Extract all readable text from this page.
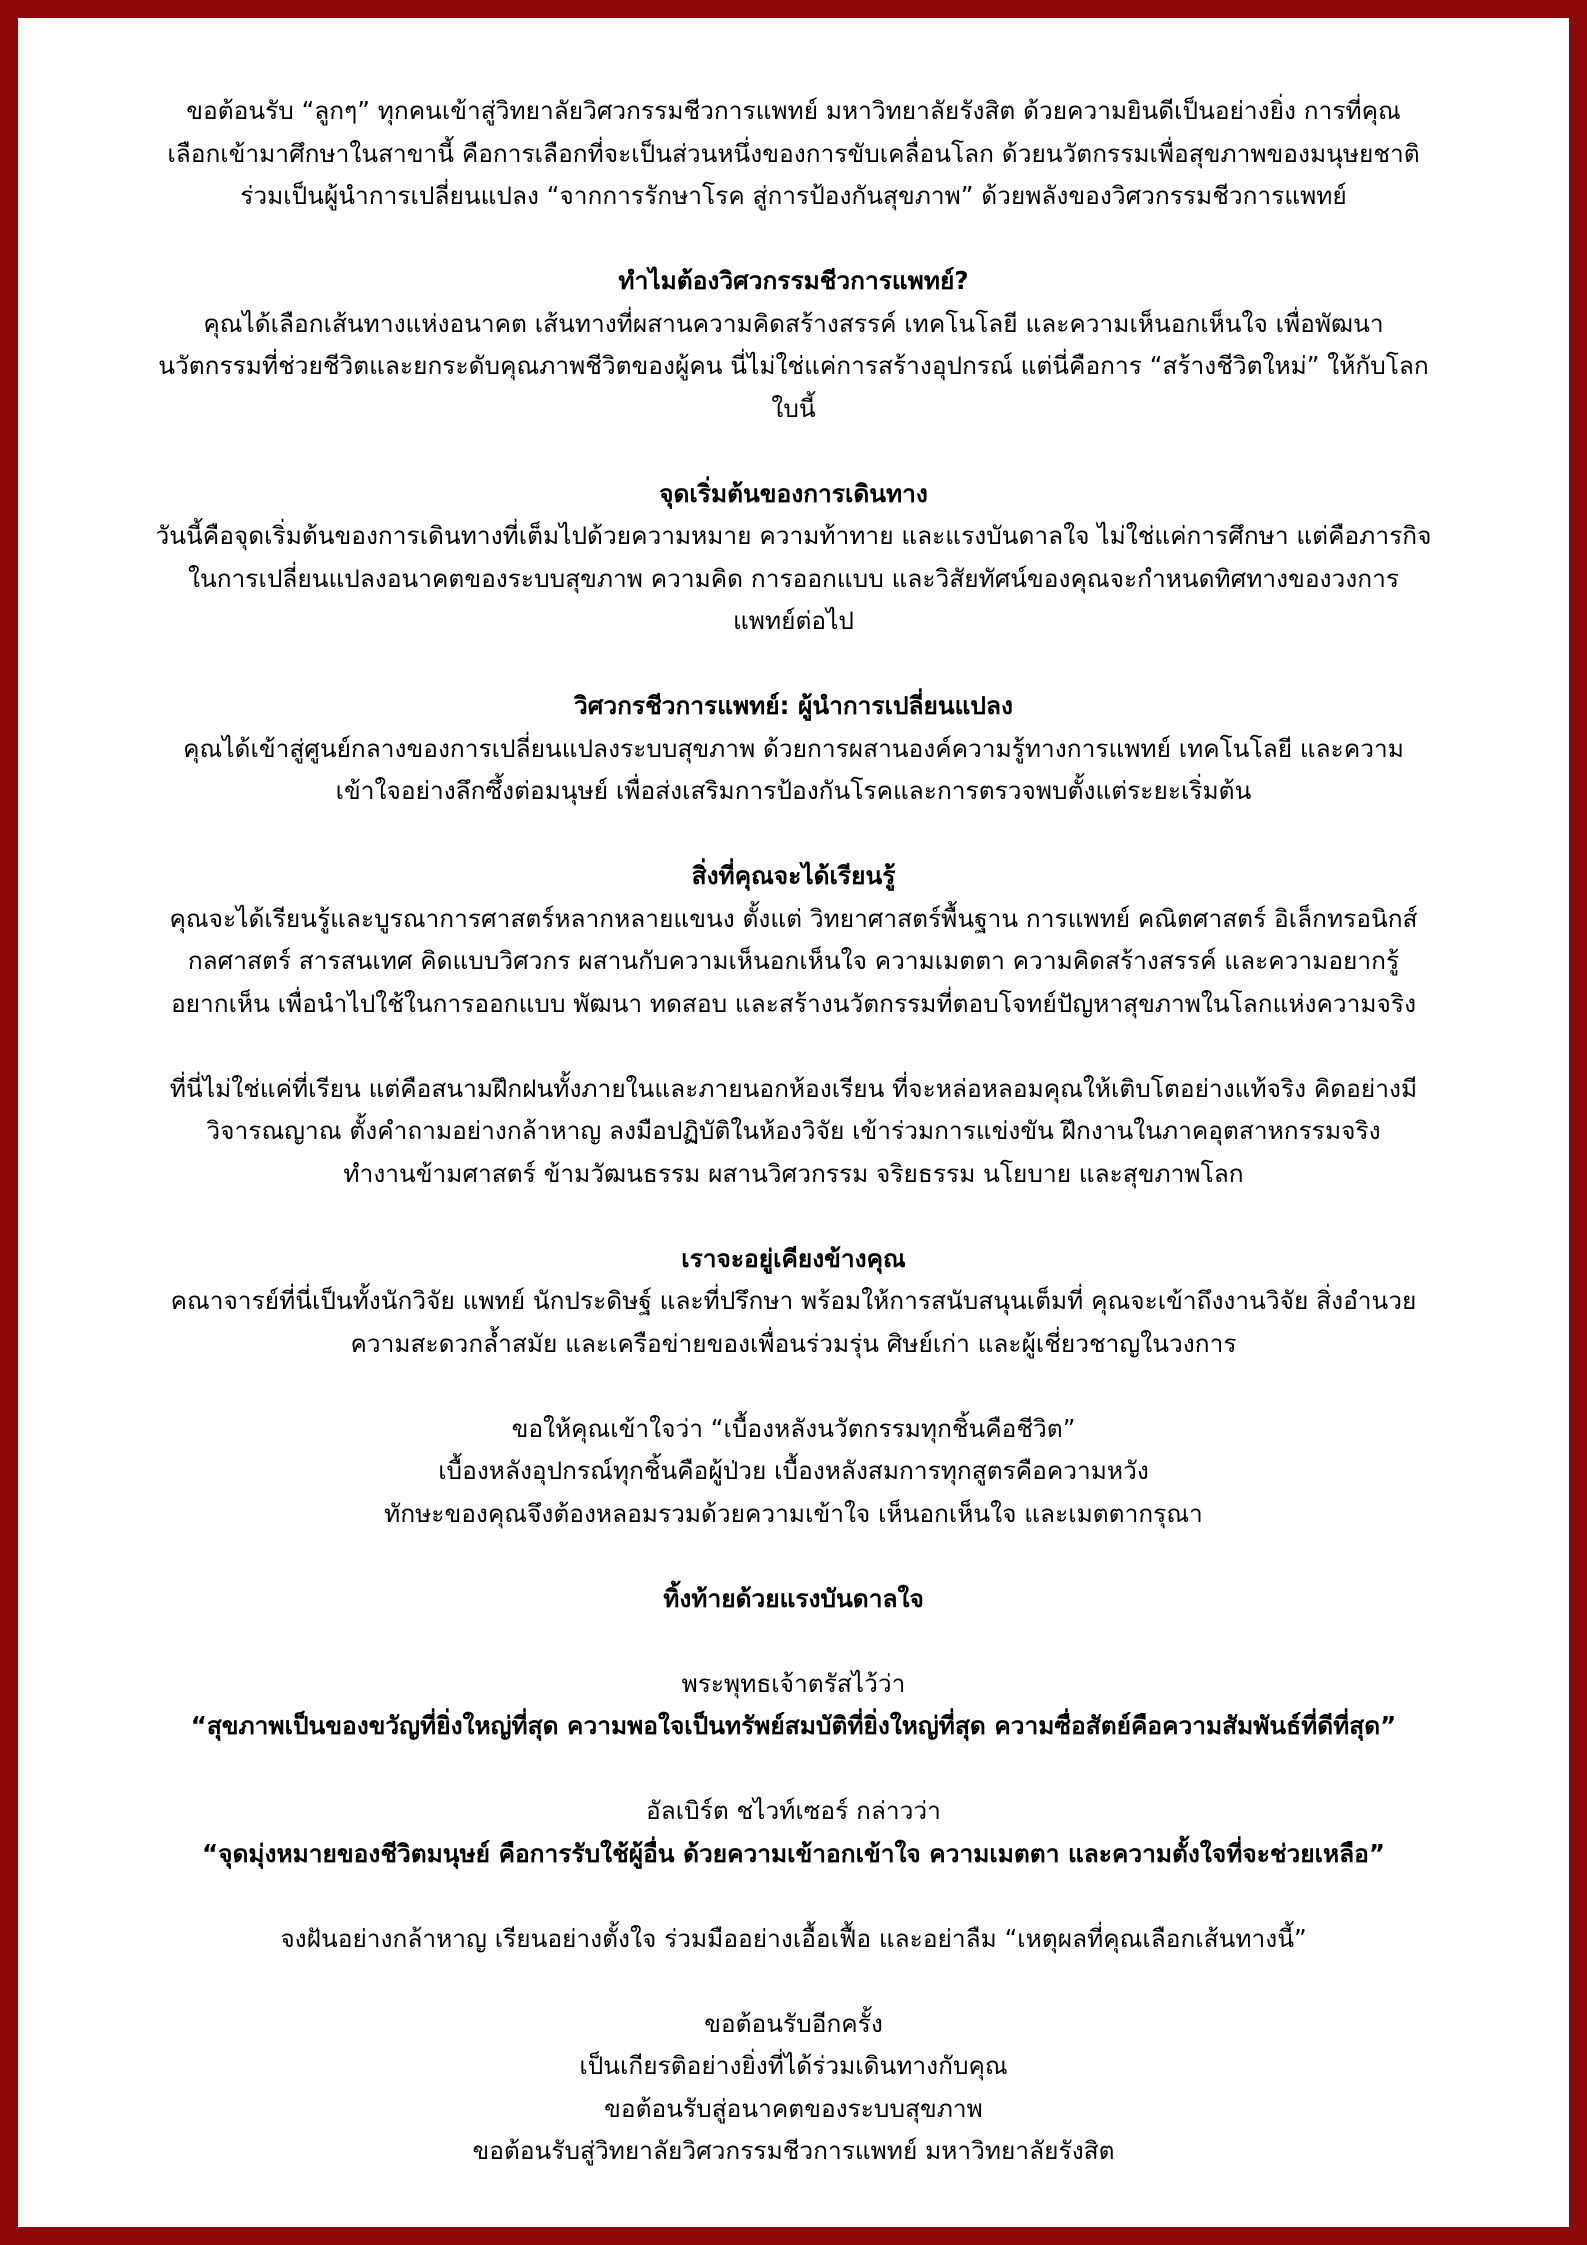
ขอต้อนรับ “ลูกๆ” ทุกคนเข้าสู่วิทยาลัยวิศวกรรมชีวการแพทย์ มหาวิทยาลัยรังสิต ด้วยความยินดีเป็นอย่างยิ่ง การที่คุณ
เลือกเข้ามาศึกษาในสาขานี้ คือการเลือกที่จะเป็นส่วนหนึ่งของการขับเคลื่อนโลก ด้วยนวัตกรรมเพื่อสุขภาพของมนุษยชาติ
ร่วมเป็นผู้นำการเปลี่ยนแปลง “จากการรักษาโรค สู่การป้องกันสุขภาพ” ด้วยพลังของวิศวกรรมชีวการแพทย์

ทำไมต้องวิศวกรรมชีวการแพทย์?

คุณได้เลือกเส้นทางแห่งอนาคต เส้นทางที่ผสานความคิดสร้างสรรค์ เทคโนโลยี และความเห็นอกเห็นใจ เพื่อพัฒนา
นวัตกรรมที่ช่วยชีวิตและยกระดับคุณภาพชีวิตของผู้คน นี่ไม่ใช่แค่การสร้างอุปกรณ์ แต่นี่คือการ “สร้างชีวิตใหม่” ให้กับโลก
ใบนี้

จุดเริ่มต้นของการเดินทาง

วันนี้คือจุดเริ่มต้นของการเดินทางที่เต็มไปด้วยความหมาย ความท้าทาย และแรงบันดาลใจ ไม่ใช่แค่การศึกษา แต่คือภารกิจ
ในการเปลี่ยนแปลงอนาคตของระบบสุขภาพ ความคิด การออกแบบ และวิสัยทัศน์ของคุณจะกำหนดทิศทางของวงการ
แพทย์ต่อไป

วิศวกรชีวการแพทย์: ผู้นำการเปลี่ยนแปลง

คุณได้เข้าสู่ศูนย์กลางของการเปลี่ยนแปลงระบบสุขภาพ ด้วยการผสานองค์ความรู้ทางการแพทย์ เทคโนโลยี และความ
เข้าใจอย่างลึกซึ้งต่อมนุษย์ เพื่อส่งเสริมการป้องกันโรคและการตรวจพบตั้งแต่ระยะเริ่มต้น

สิ่งที่คุณจะได้เรียนรู้

คุณจะได้เรียนรู้และบูรณาการศาสตร์หลากหลายแขนง ตั้งแต่ วิทยาศาสตร์พื้นฐาน การแพทย์ คณิตศาสตร์ อิเล็กทรอนิกส์
กลศาสตร์ สารสนเทศ คิดแบบวิศวกร ผสานกับความเห็นอกเห็นใจ ความเมตตา ความคิดสร้างสรรค์ และความอยากรู้
อยากเห็น เพื่อนำไปใช้ในการออกแบบ พัฒนา ทดสอบ และสร้างนวัตกรรมที่ตอบโจทย์ปัญหาสุขภาพในโลกแห่งความจริง

ที่นี่ไม่ใช่แค่ที่เรียน แต่คือสนามฝึกฝนทั้งภายในและภายนอกห้องเรียน ที่จะหล่อหลอมคุณให้เติบโตอย่างแท้จริง คิดอย่างมี
วิจารณญาณ ตั้งคำถามอย่างกล้าหาญ ลงมือปฏิบัติในห้องวิจัย เข้าร่วมการแข่งขัน ฝึกงานในภาคอุตสาหกรรมจริง
ทำงานข้ามศาสตร์ ข้ามวัฒนธรรม ผสานวิศวกรรม จริยธรรม นโยบาย และสุขภาพโลก

เราจะอยู่เคียงข้างคุณ

คณาจารย์ที่นี่เป็นทั้งนักวิจัย แพทย์ นักประดิษฐ์ และที่ปรึกษา พร้อมให้การสนับสนุนเต็มที่ คุณจะเข้าถึงงานวิจัย สิ่งอำนวย
ความสะดวกล้ำสมัย และเครือข่ายของเพื่อนร่วมรุ่น ศิษย์เก่า และผู้เชี่ยวชาญในวงการ

ขอให้คุณเข้าใจว่า “เบื้องหลังนวัตกรรมทุกชิ้นคือชีวิต”
เบื้องหลังอุปกรณ์ทุกชิ้นคือผู้ป่วย เบื้องหลังสมการทุกสูตรคือความหวัง
ทักษะของคุณจึงต้องหลอมรวมด้วยความเข้าใจ เห็นอกเห็นใจ และเมตตากรุณา

ทิ้งท้ายด้วยแรงบันดาลใจ

พระพุทธเจ้าตรัสไว้ว่า

“สุขภาพเป็นของขวัญที่ยิ่งใหญ่ที่สุด ความพอใจเป็นทรัพย์สมบัติที่ยิ่งใหญ่ที่สุด ความซื่อสัตย์คือความสัมพันธ์ที่ดีที่สุด”

อัลเบิร์ต ชไวท์เซอร์ กล่าวว่า

“จุดมุ่งหมายของชีวิตมนุษย์ คือการรับใช้ผู้อื่น ด้วยความเข้าอกเข้าใจ ความเมตตา และความตั้งใจที่จะช่วยเหลือ”

จงฝันอย่างกล้าหาญ เรียนอย่างตั้งใจ ร่วมมืออย่างเอื้อเฟื้อ และอย่าลืม “เหตุผลที่คุณเลือกเส้นทางนี้”

ขอต้อนรับอีกครั้ง
เป็นเกียรติอย่างยิ่งที่ได้ร่วมเดินทางกับคุณ
ขอต้อนรับสู่อนาคตของระบบสุขภาพ
ขอต้อนรับสู่วิทยาลัยวิศวกรรมชีวการแพทย์ มหาวิทยาลัยรังสิต
